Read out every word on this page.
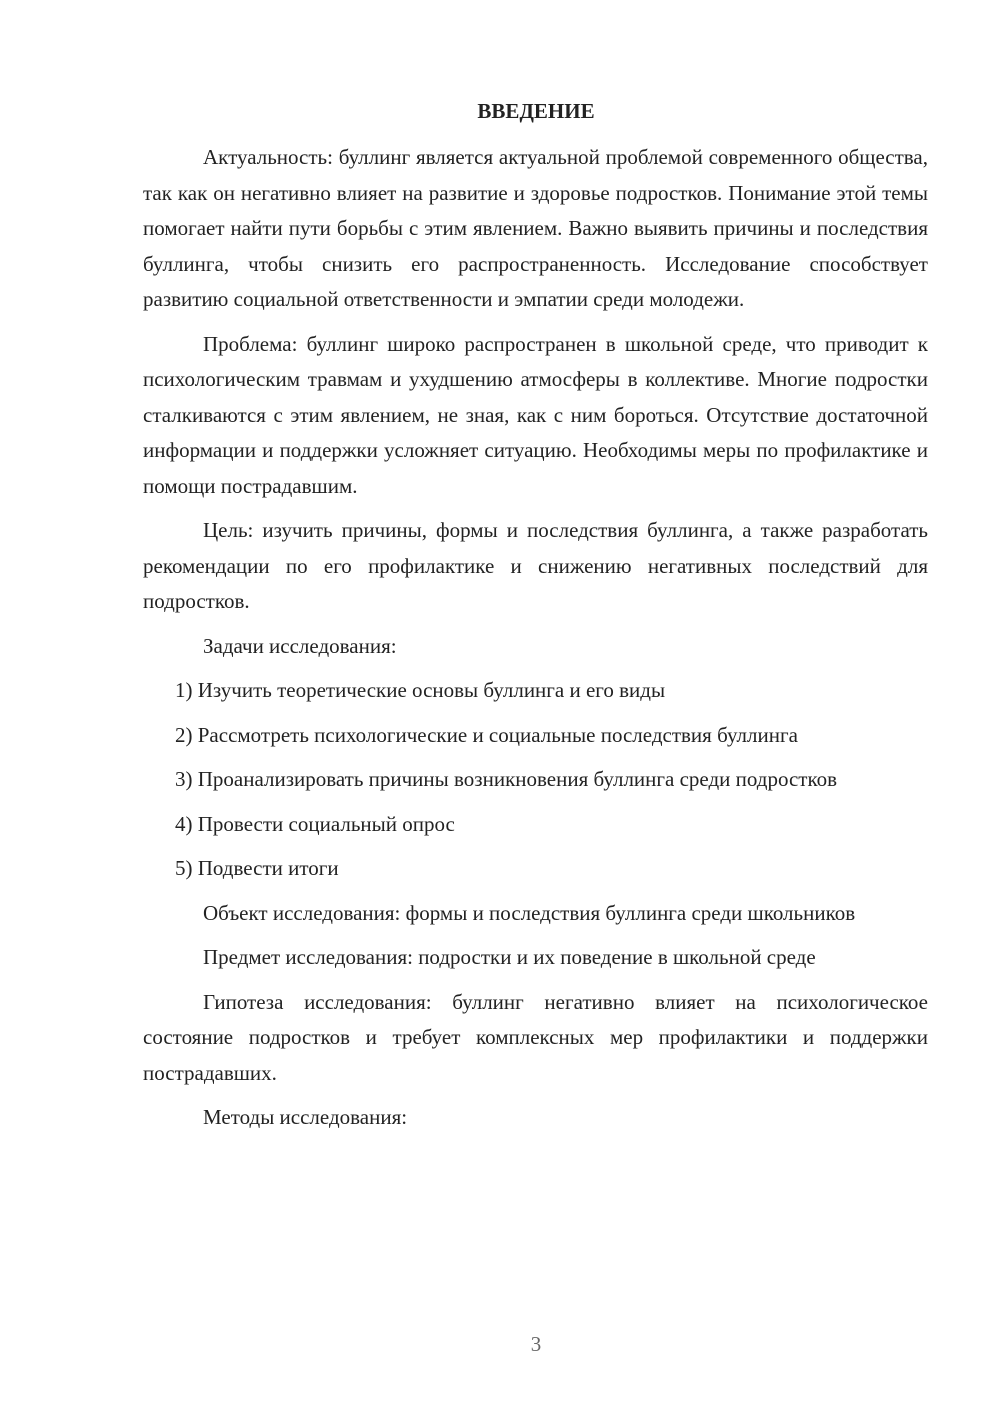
ВВЕДЕНИЕ

Актуальность: буллинг является актуальной проблемой современного общества, так как он негативно влияет на развитие и здоровье подростков. Понимание этой темы помогает найти пути борьбы с этим явлением. Важно выявить причины и последствия буллинга, чтобы снизить его распространенность. Исследование способствует развитию социальной ответственности и эмпатии среди молодежи.

Проблема: буллинг широко распространен в школьной среде, что приводит к психологическим травмам и ухудшению атмосферы в коллективе. Многие подростки сталкиваются с этим явлением, не зная, как с ним бороться. Отсутствие достаточной информации и поддержки усложняет ситуацию. Необходимы меры по профилактике и помощи пострадавшим.

Цель: изучить причины, формы и последствия буллинга, а также разработать рекомендации по его профилактике и снижению негативных последствий для подростков.

Задачи исследования:

1) Изучить теоретические основы буллинга и его виды

2) Рассмотреть психологические и социальные последствия буллинга

3) Проанализировать причины возникновения буллинга среди подростков

4) Провести социальный опрос

5) Подвести итоги

Объект исследования: формы и последствия буллинга среди школьников

Предмет исследования: подростки и их поведение в школьной среде

Гипотеза исследования: буллинг негативно влияет на психологическое состояние подростков и требует комплексных мер профилактики и поддержки пострадавших.

Методы исследования:

3
